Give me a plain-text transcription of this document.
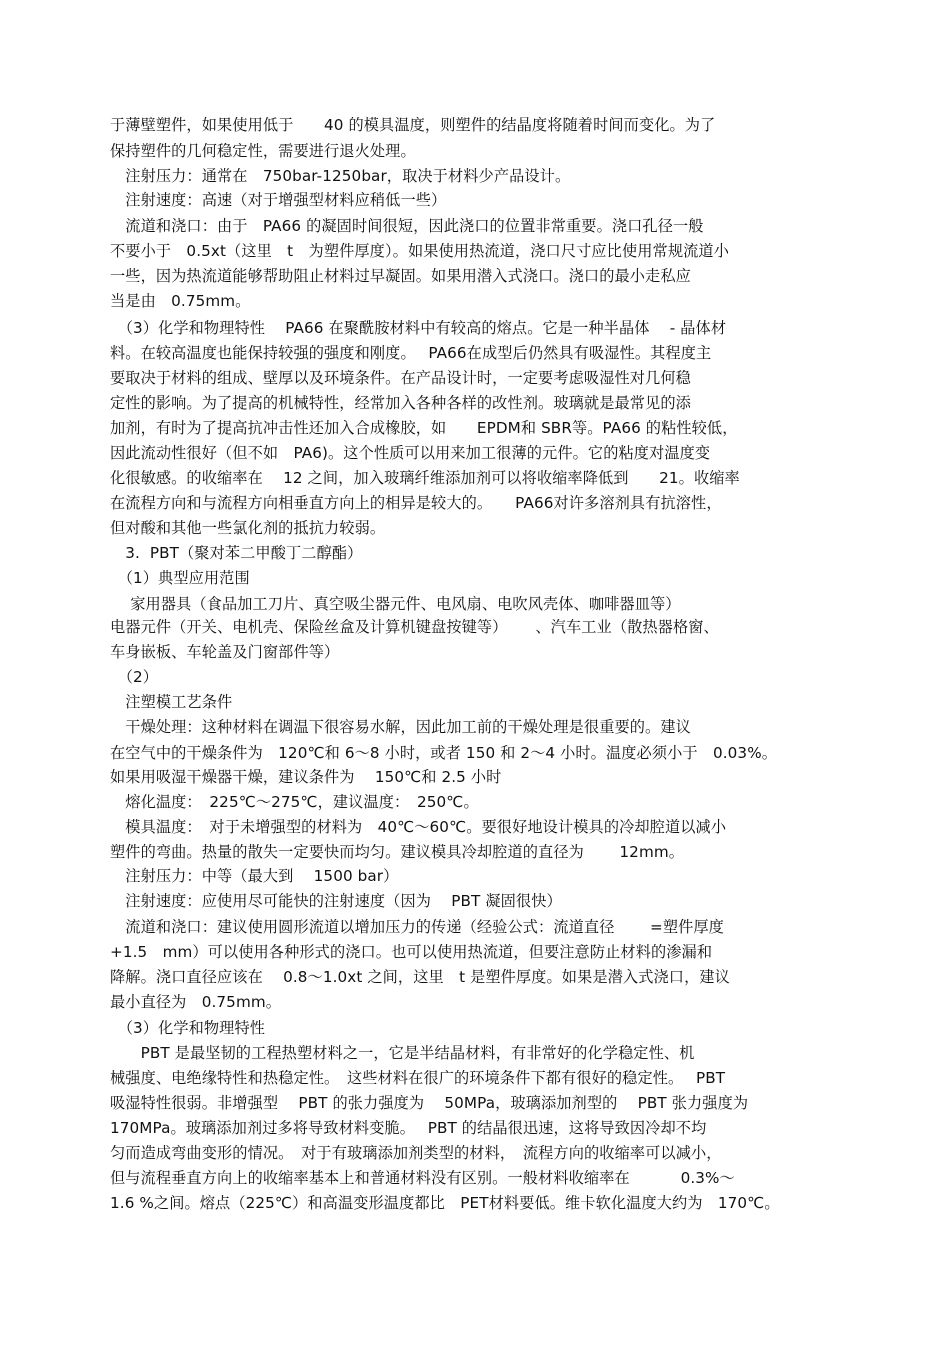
于薄壁塑件，如果使用低于　　40 的模具温度，则塑件的结晶度将随着时间而变化。为了
保持塑件的几何稳定性，需要进行退火处理。
　注射压力：通常在　750bar-1250bar，取决于材料少产品设计。
　注射速度：高速（对于增强型材料应稍低一些）
　流道和浇口：由于　PA66 的凝固时间很短，因此浇口的位置非常重要。浇口孔径一般
不要小于　0.5xt（这里　t　为塑件厚度）。如果使用热流道，浇口尺寸应比使用常规流道小
一些，因为热流道能够帮助阻止材料过早凝固。如果用潜入式浇口。浇口的最小走私应
当是由　0.75mm。
　（3）化学和物理特性　 PA66 在聚酰胺材料中有较高的熔点。它是一种半晶体　 - 晶体材
料。在较高温度也能保持较强的强度和刚度。　 PA66在成型后仍然具有吸湿性。其程度主
要取决于材料的组成、壁厚以及环境条件。在产品设计时，一定要考虑吸湿性对几何稳
定性的影响。为了提高的机械特性，经常加入各种各样的改性剂。玻璃就是最常见的添
加剂，有时为了提高抗冲击性还加入合成橡胶，如　　EPDM和 SBR等。PA66 的粘性较低，
因此流动性很好（但不如　PA6)。这个性质可以用来加工很薄的元件。它的粘度对温度变
化很敏感。的收缩率在　 12 之间，加入玻璃纤维添加剂可以将收缩率降低到　　21。收缩率
在流程方向和与流程方向相垂直方向上的相异是较大的。　　PA66对许多溶剂具有抗溶性，
但对酸和其他一些氯化剂的抵抗力较弱。
　3.  PBT（聚对苯二甲酸丁二醇酯）
　（1）典型应用范围
　 家用器具（食品加工刀片、真空吸尘器元件、电风扇、电吹风壳体、咖啡器皿等）
电器元件（开关、电机壳、保险丝盒及计算机键盘按键等）　　 、汽车工业（散热器格窗、
车身嵌板、车轮盖及门窗部件等）
　（2）
　注塑模工艺条件
　干燥处理：这种材料在调温下很容易水解，因此加工前的干燥处理是很重要的。建议
在空气中的干燥条件为　120℃和 6～8 小时，或者 150 和 2～4 小时。温度必须小于　0.03%。
如果用吸湿干燥器干燥，建议条件为　 150℃和 2.5 小时
　熔化温度：　225℃～275℃，建议温度：　250℃。
　模具温度：　对于未增强型的材料为　40℃～60℃。要很好地设计模具的冷却腔道以减小
塑件的弯曲。热量的散失一定要快而均匀。建议模具冷却腔道的直径为　　 12mm。
　注射压力：中等（最大到　 1500 bar）
　注射速度：应使用尽可能快的注射速度（因为　 PBT 凝固很快）
　流道和浇口：建议使用圆形流道以增加压力的传递（经验公式：流道直径　　 =塑件厚度
+1.5　mm）可以使用各种形式的浇口。也可以使用热流道，但要注意防止材料的渗漏和
降解。浇口直径应该在　 0.8～1.0xt 之间，这里　t 是塑件厚度。如果是潜入式浇口，建议
最小直径为　0.75mm。
　（3）化学和物理特性
　　PBT 是最坚韧的工程热塑材料之一，它是半结晶材料，有非常好的化学稳定性、机
械强度、电绝缘特性和热稳定性。　这些材料在很广的环境条件下都有很好的稳定性。　 PBT
吸湿特性很弱。非增强型　 PBT 的张力强度为　 50MPa，玻璃添加剂型的　 PBT 张力强度为
170MPa。玻璃添加剂过多将导致材料变脆。　 PBT 的结晶很迅速，这将导致因冷却不均
匀而造成弯曲变形的情况。　对于有玻璃添加剂类型的材料，　流程方向的收缩率可以减小，
但与流程垂直方向上的收缩率基本上和普通材料没有区别。一般材料收缩率在　　　 0.3%～
1.6 %之间。熔点（225℃）和高温变形温度都比　PET材料要低。维卡软化温度大约为　170℃。
